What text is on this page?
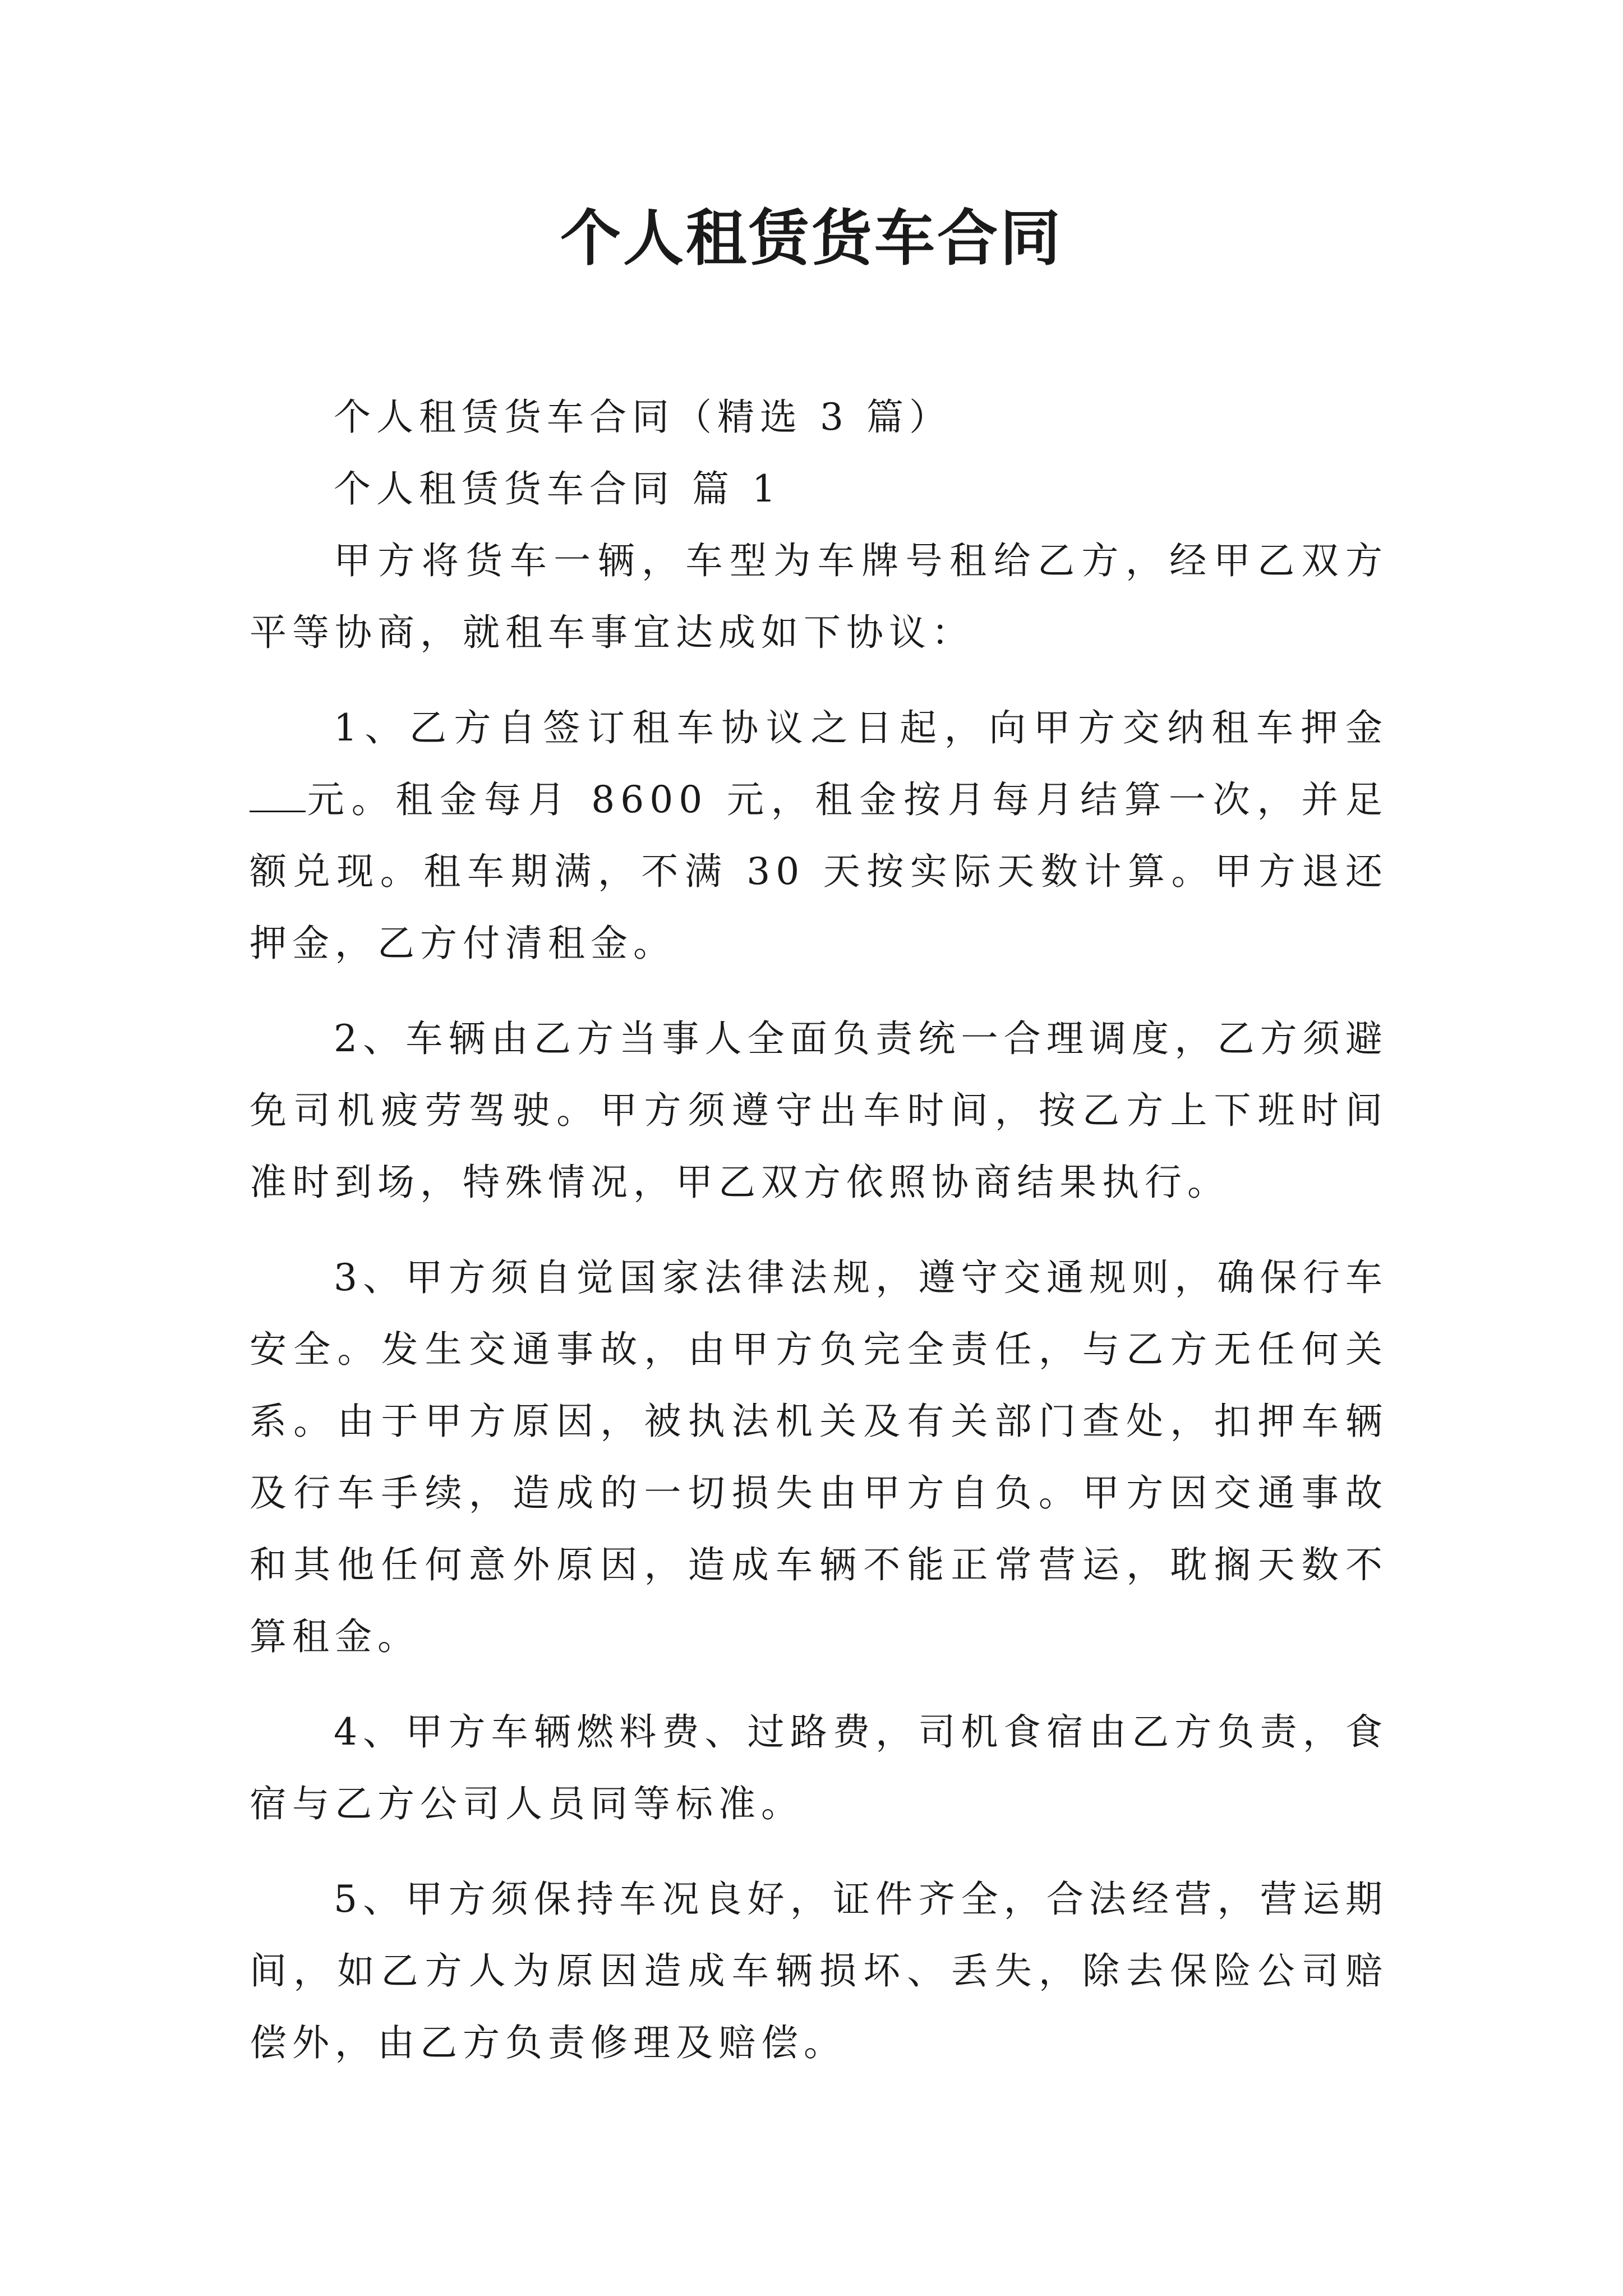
个人租赁货车合同

个人租赁货车合同（精选 3 篇）

个人租赁货车合同 篇 1

甲方将货车一辆，车型为车牌号租给乙方，经甲乙双方平等协商，就租车事宜达成如下协议：

1、乙方自签订租车协议之日起，向甲方交纳租车押金元。租金每月 8600 元，租金按月每月结算一次，并足额兑现。租车期满，不满 30 天按实际天数计算。甲方退还押金，乙方付清租金。

2、车辆由乙方当事人全面负责统一合理调度，乙方须避免司机疲劳驾驶。甲方须遵守出车时间，按乙方上下班时间准时到场，特殊情况，甲乙双方依照协商结果执行。

3、甲方须自觉国家法律法规，遵守交通规则，确保行车安全。发生交通事故，由甲方负完全责任，与乙方无任何关系。由于甲方原因，被执法机关及有关部门查处，扣押车辆及行车手续，造成的一切损失由甲方自负。甲方因交通事故和其他任何意外原因，造成车辆不能正常营运，耽搁天数不算租金。

4、甲方车辆燃料费、过路费，司机食宿由乙方负责，食宿与乙方公司人员同等标准。

5、甲方须保持车况良好，证件齐全，合法经营，营运期间，如乙方人为原因造成车辆损坏、丢失，除去保险公司赔偿外，由乙方负责修理及赔偿。
